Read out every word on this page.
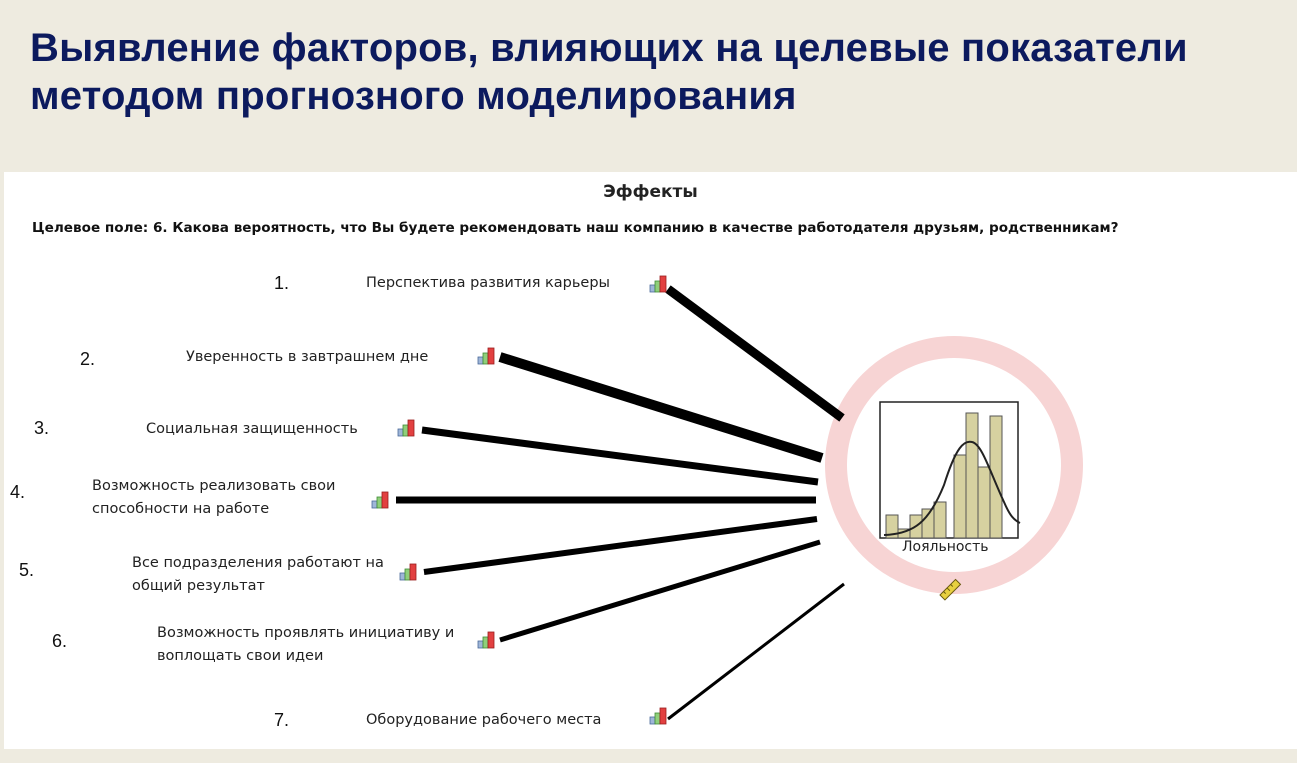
Выявление факторов, влияющих на целевые показатели методом прогнозного моделирования
Эффекты
Целевое поле: 6. Какова вероятность, что Вы будете рекомендовать наш компанию в качестве работодателя друзьям, родственникам?
Лояльность
1.
2.
3.
4.
5.
6.
7.
Перспектива развития карьеры
Уверенность в завтрашнем дне
Социальная защищенность
Возможность реализовать свои способности на работе
Все подразделения работают на общий результат
Возможность проявлять инициативу и воплощать свои идеи
Оборудование рабочего места
